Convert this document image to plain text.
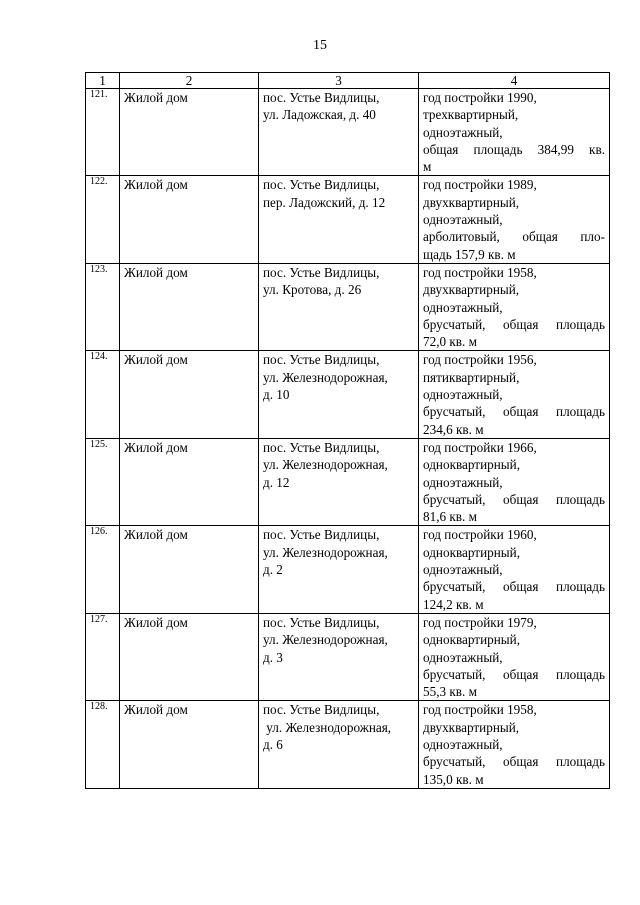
15
1	2	3	4
121.	Жилой дом	пос. Устье Видлицы,
ул. Ладожская, д. 40	год постройки 1990,
трехквартирный,
одноэтажный,
общая площадь 384,99 кв.
м

122.	Жилой дом	пос. Устье Видлицы,
пер. Ладожский, д. 12	год постройки 1989,
двухквартирный,
одноэтажный,
арболитовый, общая пло-
щадь 157,9 кв. м

123.	Жилой дом	пос. Устье Видлицы,
ул. Кротова, д. 26	год постройки 1958,
двухквартирный,
одноэтажный,
брусчатый, общая площадь
72,0 кв. м

124.	Жилой дом	пос. Устье Видлицы,
ул. Железнодорожная,
д. 10	год постройки 1956,
пятиквартирный,
одноэтажный,
брусчатый, общая площадь
234,6 кв. м

125.	Жилой дом	пос. Устье Видлицы,
ул. Железнодорожная,
д. 12	год постройки 1966,
одноквартирный,
одноэтажный,
брусчатый, общая площадь
81,6 кв. м

126.	Жилой дом	пос. Устье Видлицы,
ул. Железнодорожная,
д. 2	год постройки 1960,
одноквартирный,
одноэтажный,
брусчатый, общая площадь
124,2 кв. м

127.	Жилой дом	пос. Устье Видлицы,
ул. Железнодорожная,
д. 3	год постройки 1979,
одноквартирный,
одноэтажный,
брусчатый, общая площадь
55,3 кв. м

128.	Жилой дом	пос. Устье Видлицы,
ул. Железнодорожная,
д. 6	год постройки 1958,
двухквартирный,
одноэтажный,
брусчатый, общая площадь
135,0 кв. м
